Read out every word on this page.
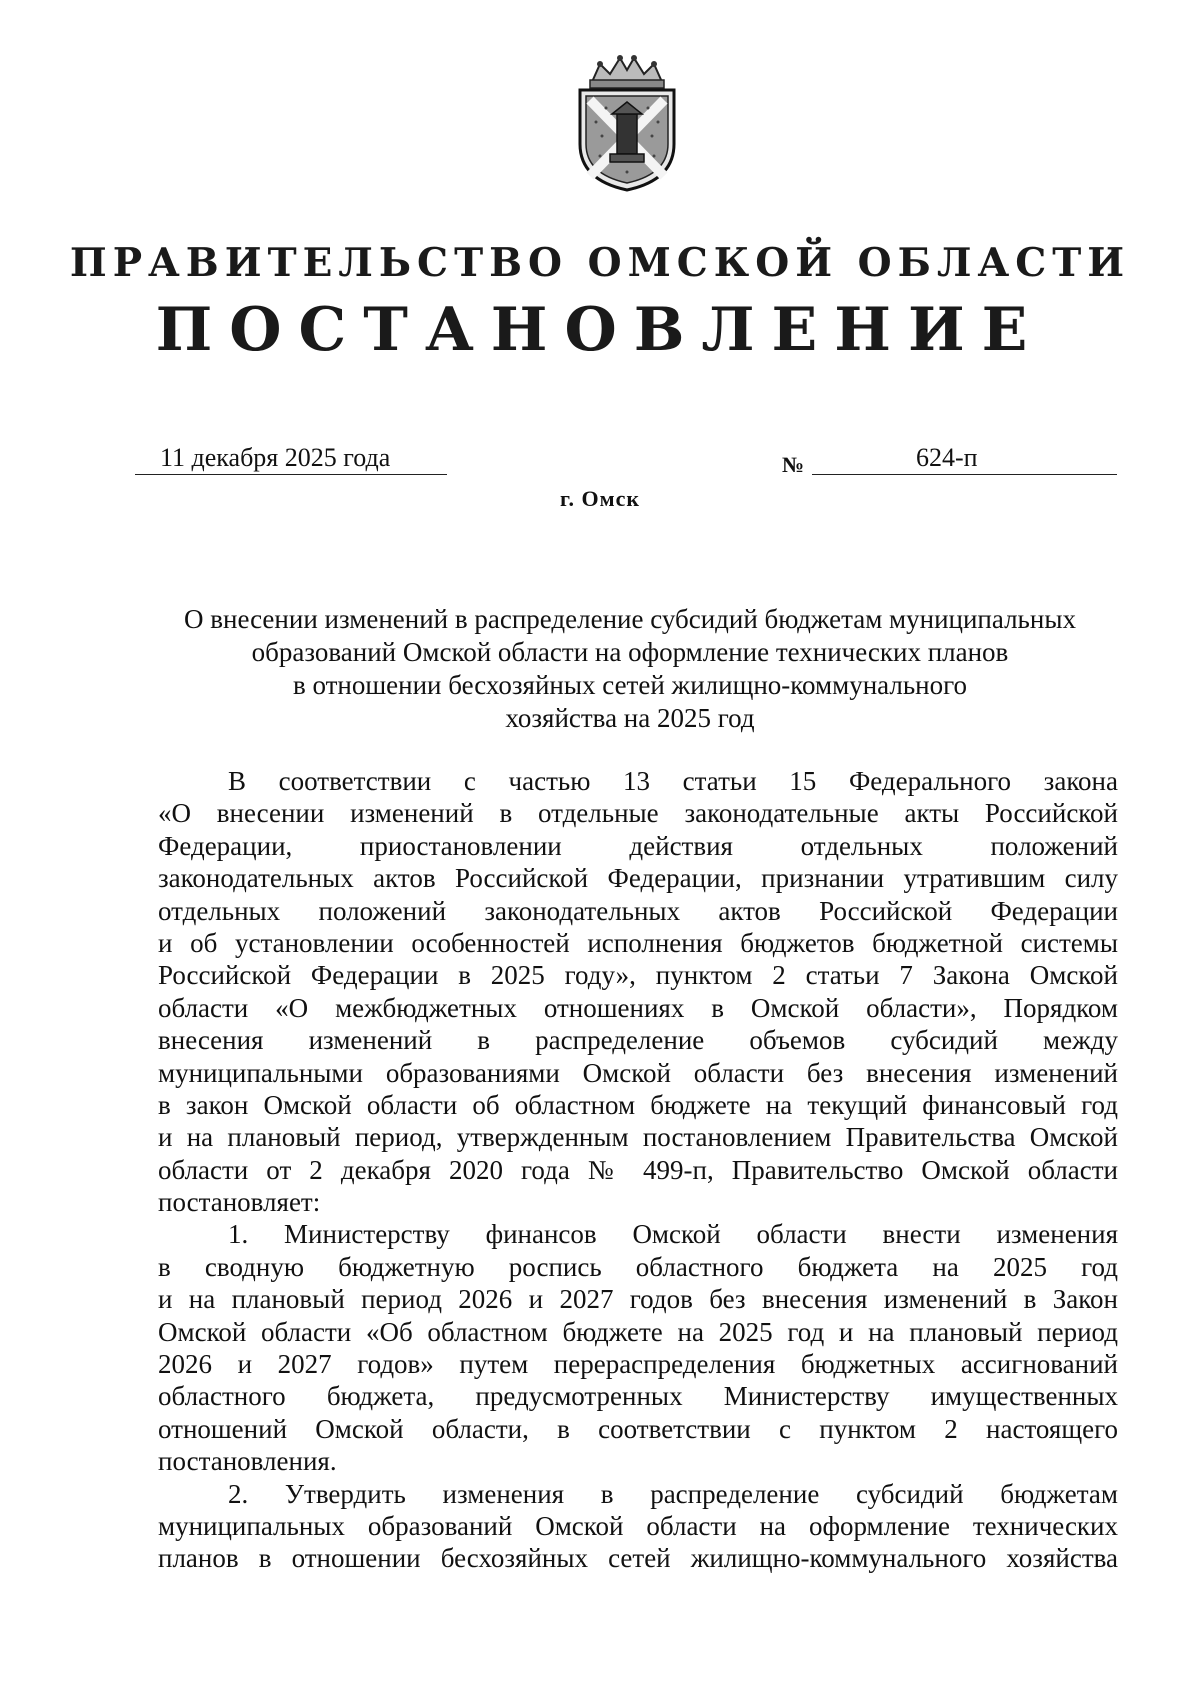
ПРАВИТЕЛЬСТВО ОМСКОЙ ОБЛАСТИ
ПОСТАНОВЛЕНИЕ
11 декабря 2025 года	№	624-п
г. Омск
О внесении изменений в распределение субсидий бюджетам муниципальных
образований Омской области на оформление технических планов
в отношении бесхозяйных сетей жилищно-коммунального
хозяйства на 2025 год
В соответствии с частью 13 статьи 15 Федерального закона
«О внесении изменений в отдельные законодательные акты Российской
Федерации, приостановлении действия отдельных положений
законодательных актов Российской Федерации, признании утратившим силу
отдельных положений законодательных актов Российской Федерации
и об установлении особенностей исполнения бюджетов бюджетной системы
Российской Федерации в 2025 году», пунктом 2 статьи 7 Закона Омской
области «О межбюджетных отношениях в Омской области», Порядком
внесения изменений в распределение объемов субсидий между
муниципальными образованиями Омской области без внесения изменений
в закон Омской области об областном бюджете на текущий финансовый год
и на плановый период, утвержденным постановлением Правительства Омской
области от 2 декабря 2020 года № 499-п, Правительство Омской области
постановляет:
1. Министерству финансов Омской области внести изменения
в сводную бюджетную роспись областного бюджета на 2025 год
и на плановый период 2026 и 2027 годов без внесения изменений в Закон
Омской области «Об областном бюджете на 2025 год и на плановый период
2026 и 2027 годов» путем перераспределения бюджетных ассигнований
областного бюджета, предусмотренных Министерству имущественных
отношений Омской области, в соответствии с пунктом 2 настоящего
постановления.
2. Утвердить изменения в распределение субсидий бюджетам
муниципальных образований Омской области на оформление технических
планов в отношении бесхозяйных сетей жилищно-коммунального хозяйства
